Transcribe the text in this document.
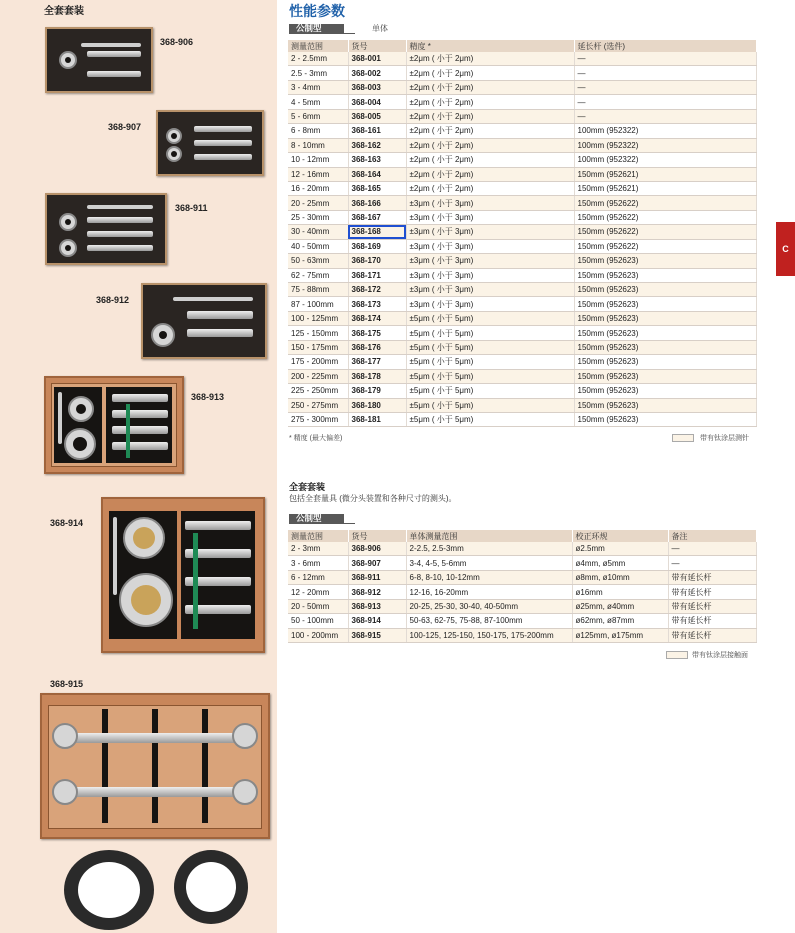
全套套装
368-906
368-907
368-911
368-912
368-913
368-914
368-915
性能参数
公制型	单体
测量范围	货号	精度 *	延长杆 (选件)
2 - 2.5mm	368-001	±2μm ( 小于 2μm)	—
2.5 - 3mm	368-002	±2μm ( 小于 2μm)	—
3 - 4mm	368-003	±2μm ( 小于 2μm)	—
4 - 5mm	368-004	±2μm ( 小于 2μm)	—
5 - 6mm	368-005	±2μm ( 小于 2μm)	—
6 - 8mm	368-161	±2μm ( 小于 2μm)	100mm (952322)
8 - 10mm	368-162	±2μm ( 小于 2μm)	100mm (952322)
10 - 12mm	368-163	±2μm ( 小于 2μm)	100mm (952322)
12 - 16mm	368-164	±2μm ( 小于 2μm)	150mm (952621)
16 - 20mm	368-165	±2μm ( 小于 2μm)	150mm (952621)
20 - 25mm	368-166	±3μm ( 小于 3μm)	150mm (952622)
25 - 30mm	368-167	±3μm ( 小于 3μm)	150mm (952622)
30 - 40mm	368-168	±3μm ( 小于 3μm)	150mm (952622)
40 - 50mm	368-169	±3μm ( 小于 3μm)	150mm (952622)
50 - 63mm	368-170	±3μm ( 小于 3μm)	150mm (952623)
62 - 75mm	368-171	±3μm ( 小于 3μm)	150mm (952623)
75 - 88mm	368-172	±3μm ( 小于 3μm)	150mm (952623)
87 - 100mm	368-173	±3μm ( 小于 3μm)	150mm (952623)
100 - 125mm	368-174	±5μm ( 小于 5μm)	150mm (952623)
125 - 150mm	368-175	±5μm ( 小于 5μm)	150mm (952623)
150 - 175mm	368-176	±5μm ( 小于 5μm)	150mm (952623)
175 - 200mm	368-177	±5μm ( 小于 5μm)	150mm (952623)
200 - 225mm	368-178	±5μm ( 小于 5μm)	150mm (952623)
225 - 250mm	368-179	±5μm ( 小于 5μm)	150mm (952623)
250 - 275mm	368-180	±5μm ( 小于 5μm)	150mm (952623)
275 - 300mm	368-181	±5μm ( 小于 5μm)	150mm (952623)
* 精度 (最大偏差)	带有钛涂层测针
全套套装
包括全套量具 (微分头装置和各种尺寸的测头)。
公制型
测量范围	货号	单体测量范围	校正环规	备注
2 - 3mm	368-906	2-2.5, 2.5-3mm	ø2.5mm	—
3 - 6mm	368-907	3-4, 4-5, 5-6mm	ø4mm, ø5mm	—
6 - 12mm	368-911	6-8, 8-10, 10-12mm	ø8mm, ø10mm	带有延长杆
12 - 20mm	368-912	12-16, 16-20mm	ø16mm	带有延长杆
20 - 50mm	368-913	20-25, 25-30, 30-40, 40-50mm	ø25mm, ø40mm	带有延长杆
50 - 100mm	368-914	50-63, 62-75, 75-88, 87-100mm	ø62mm, ø87mm	带有延长杆
100 - 200mm	368-915	100-125, 125-150, 150-175, 175-200mm	ø125mm, ø175mm	带有延长杆
带有钛涂层接触面
C
